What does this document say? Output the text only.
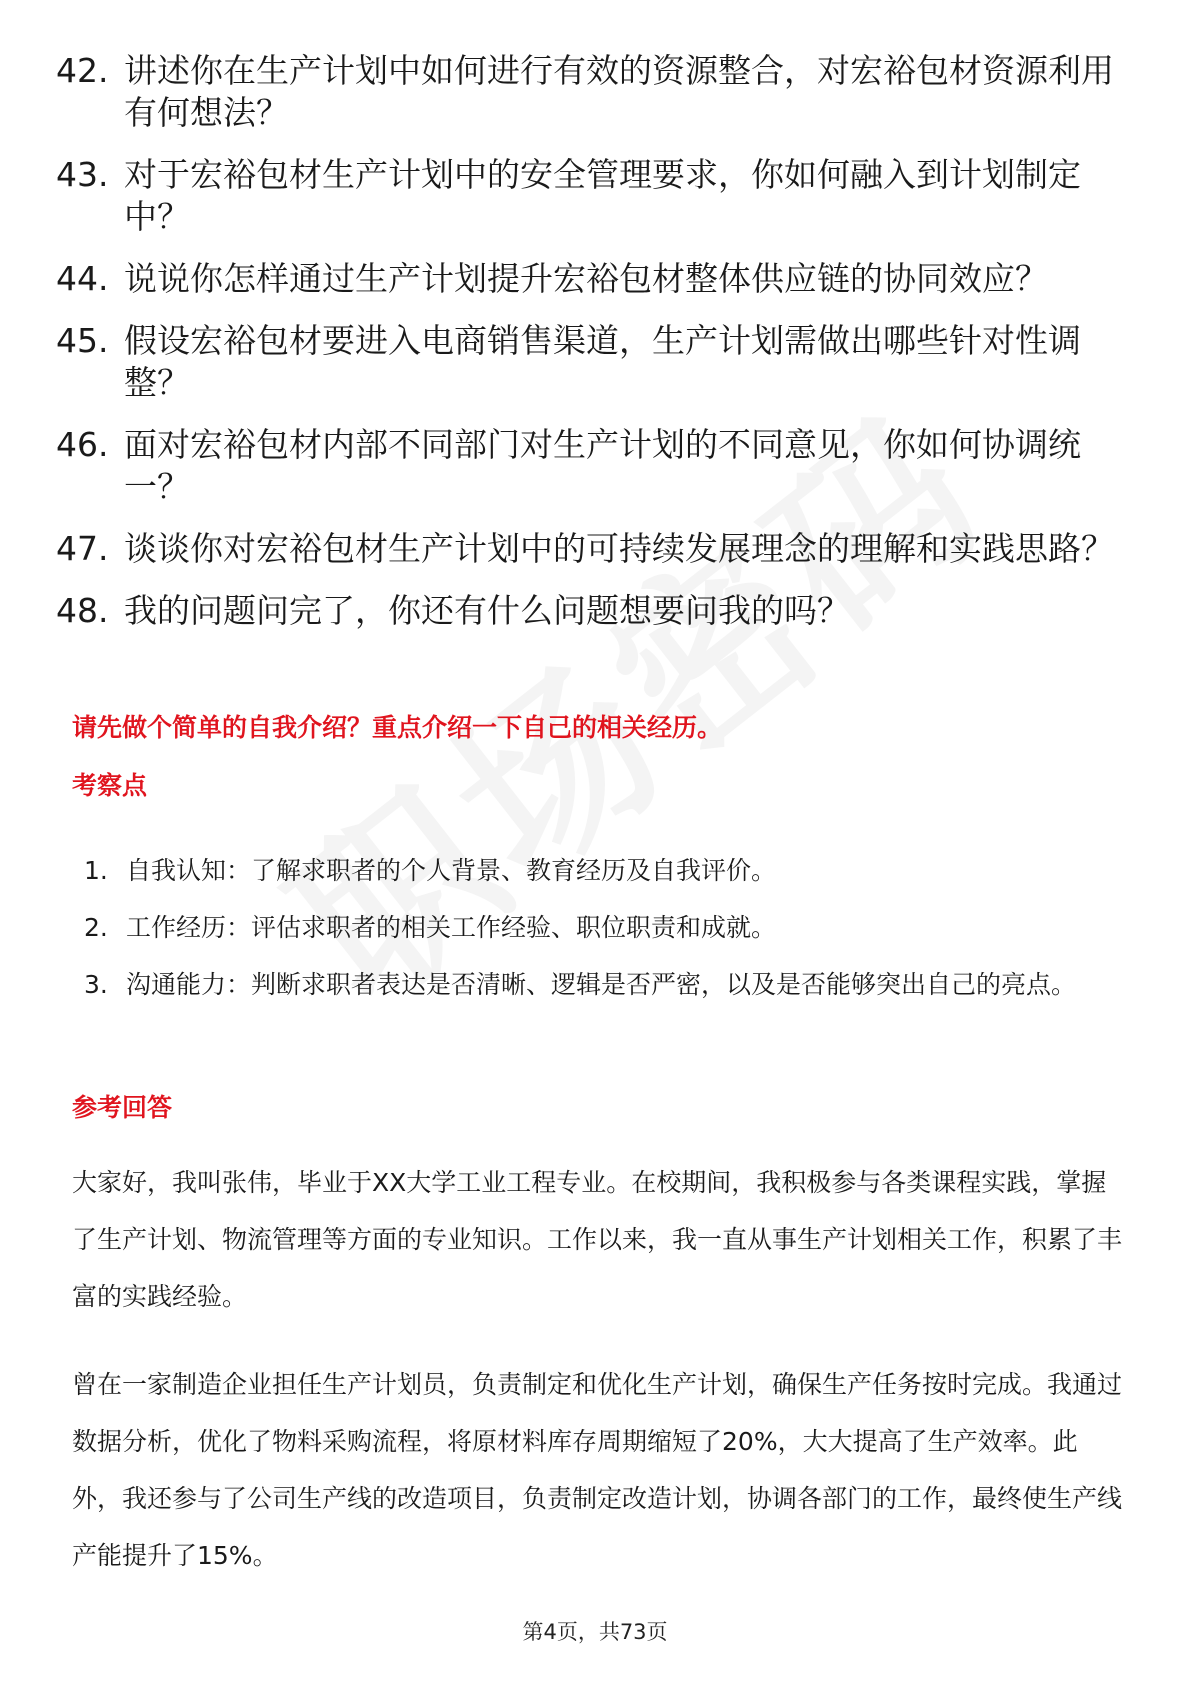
42. 讲述你在生产计划中如何进行有效的资源整合，对宏裕包材资源利用有何想法？
43. 对于宏裕包材生产计划中的安全管理要求，你如何融入到计划制定中？
44. 说说你怎样通过生产计划提升宏裕包材整体供应链的协同效应？
45. 假设宏裕包材要进入电商销售渠道，生产计划需做出哪些针对性调整？
46. 面对宏裕包材内部不同部门对生产计划的不同意见，你如何协调统一？
47. 谈谈你对宏裕包材生产计划中的可持续发展理念的理解和实践思路？
48. 我的问题问完了，你还有什么问题想要问我的吗？
请先做个简单的自我介绍？重点介绍一下自己的相关经历。
考察点
1. 自我认知：了解求职者的个人背景、教育经历及自我评价。
2. 工作经历：评估求职者的相关工作经验、职位职责和成就。
3. 沟通能力：判断求职者表达是否清晰、逻辑是否严密，以及是否能够突出自己的亮点。
参考回答

大家好，我叫张伟，毕业于XX大学工业工程专业。在校期间，我积极参与各类课程实践，掌握了生产计划、物流管理等方面的专业知识。工作以来，我一直从事生产计划相关工作，积累了丰富的实践经验。

曾在一家制造企业担任生产计划员，负责制定和优化生产计划，确保生产任务按时完成。我通过数据分析，优化了物料采购流程，将原材料库存周期缩短了20%，大大提高了生产效率。此外，我还参与了公司生产线的改造项目，负责制定改造计划，协调各部门的工作，最终使生产线产能提升了15%。

第4页，共73页
